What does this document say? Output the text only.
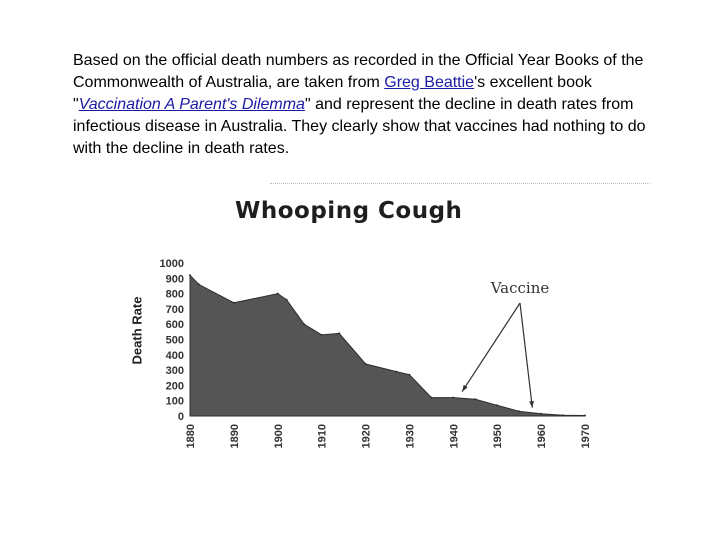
Based on the official death numbers as recorded in the Official Year Books of the Commonwealth of Australia, are taken from Greg Beattie's excellent book "Vaccination A Parent's Dilemma" and represent the decline in death rates from infectious disease in Australia. They clearly show that vaccines had nothing to do with the decline in death rates.

Whooping Cough
Death Rate
0
100
200
300
400
500
600
700
800
900
1000
1880	1890	1900	1910	1920	1930	1940	1950	1960	1970
Vaccine
